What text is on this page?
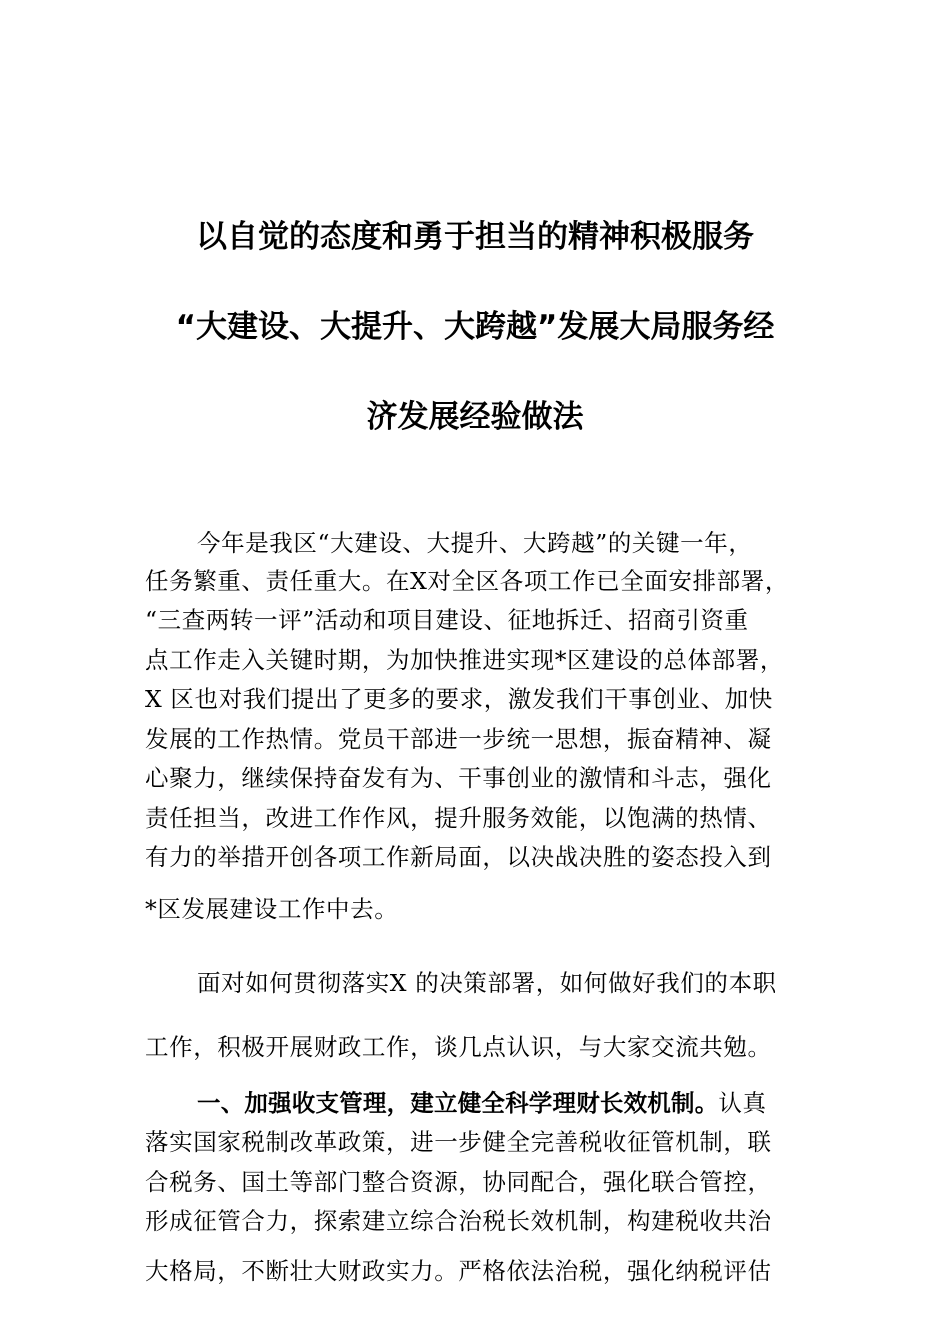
以自觉的态度和勇于担当的精神积极服务
“大建设、大提升、大跨越”发展大局服务经
济发展经验做法
今年是我区“大建设、大提升、大跨越”的关键一年，
任务繁重、责任重大。在X对全区各项工作已全面安排部署，
“三查两转一评”活动和项目建设、征地拆迁、招商引资重
点工作走入关键时期，为加快推进实现*区建设的总体部署，
X 区也对我们提出了更多的要求，激发我们干事创业、加快
发展的工作热情。党员干部进一步统一思想，振奋精神、凝
心聚力，继续保持奋发有为、干事创业的激情和斗志，强化
责任担当，改进工作作风，提升服务效能，以饱满的热情、
有力的举措开创各项工作新局面，以决战决胜的姿态投入到
*区发展建设工作中去。
面对如何贯彻落实X 的决策部署，如何做好我们的本职
工作，积极开展财政工作，谈几点认识，与大家交流共勉。
一、加强收支管理，建立健全科学理财长效机制。认真
落实国家税制改革政策，进一步健全完善税收征管机制，联
合税务、国土等部门整合资源，协同配合，强化联合管控，
形成征管合力，探索建立综合治税长效机制，构建税收共治
大格局，不断壮大财政实力。严格依法治税，强化纳税评估
